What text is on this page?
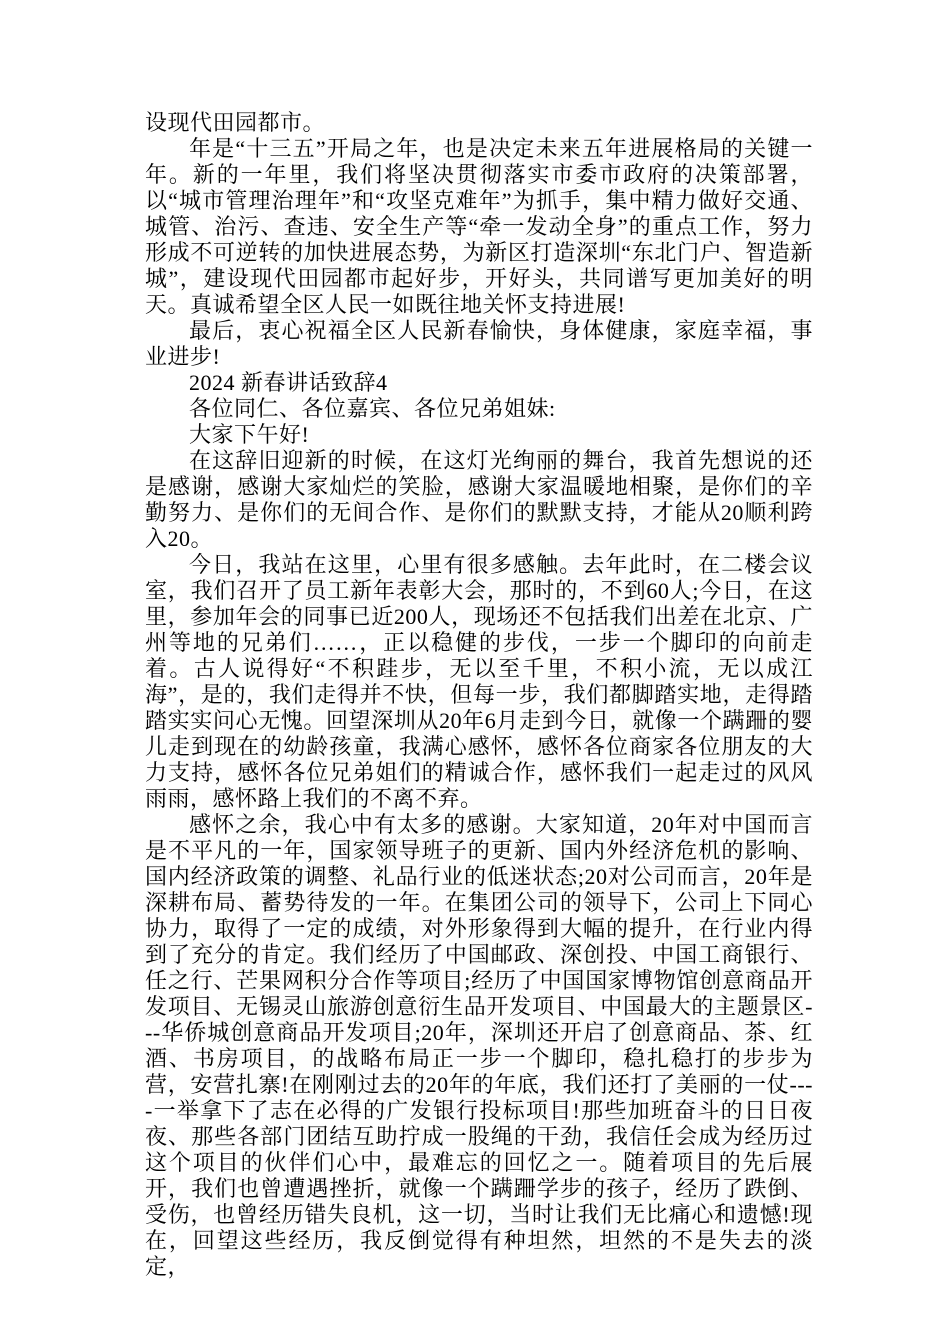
设现代田园都市。

年是“十三五”开局之年，也是决定未来五年进展格局的关键一年。新的一年里，我们将坚决贯彻落实市委市政府的决策部署，以“城市管理治理年”和“攻坚克难年”为抓手，集中精力做好交通、城管、治污、查违、安全生产等“牵一发动全身”的重点工作，努力形成不可逆转的加快进展态势，为新区打造深圳“东北门户、智造新城”，建设现代田园都市起好步，开好头，共同谱写更加美好的明天。真诚希望全区人民一如既往地关怀支持进展!

最后，衷心祝福全区人民新春愉快，身体健康，家庭幸福，事业进步!

2024 新春讲话致辞4

各位同仁、各位嘉宾、各位兄弟姐妹:

大家下午好!

在这辞旧迎新的时候，在这灯光绚丽的舞台，我首先想说的还是感谢，感谢大家灿烂的笑脸，感谢大家温暖地相聚，是你们的辛勤努力、是你们的无间合作、是你们的默默支持，才能从20顺利跨入20。

今日，我站在这里，心里有很多感触。去年此时，在二楼会议室，我们召开了员工新年表彰大会，那时的，不到60人;今日，在这里，参加年会的同事已近200人，现场还不包括我们出差在北京、广州等地的兄弟们……，正以稳健的步伐，一步一个脚印的向前走着。古人说得好“不积跬步，无以至千里，不积小流，无以成江海”，是的，我们走得并不快，但每一步，我们都脚踏实地，走得踏踏实实问心无愧。回望深圳从20年6月走到今日，就像一个蹒跚的婴儿走到现在的幼龄孩童，我满心感怀，感怀各位商家各位朋友的大力支持，感怀各位兄弟姐们的精诚合作，感怀我们一起走过的风风雨雨，感怀路上我们的不离不弃。

感怀之余，我心中有太多的感谢。大家知道，20年对中国而言是不平凡的一年，国家领导班子的更新、国内外经济危机的影响、国内经济政策的调整、礼品行业的低迷状态;20对公司而言，20年是深耕布局、蓄势待发的一年。在集团公司的领导下，公司上下同心协力，取得了一定的成绩，对外形象得到大幅的提升，在行业内得到了充分的肯定。我们经历了中国邮政、深创投、中国工商银行、任之行、芒果网积分合作等项目;经历了中国国家博物馆创意商品开发项目、无锡灵山旅游创意衍生品开发项目、中国最大的主题景区---华侨城创意商品开发项目;20年，深圳还开启了创意商品、茶、红酒、书房项目，的战略布局正一步一个脚印，稳扎稳打的步步为营，安营扎寨!在刚刚过去的20年的年底，我们还打了美丽的一仗----一举拿下了志在必得的广发银行投标项目!那些加班奋斗的日日夜夜、那些各部门团结互助拧成一股绳的干劲，我信任会成为经历过这个项目的伙伴们心中，最难忘的回忆之一。随着项目的先后展开，我们也曾遭遇挫折，就像一个蹒跚学步的孩子，经历了跌倒、受伤，也曾经历错失良机，这一切，当时让我们无比痛心和遗憾!现在，回望这些经历，我反倒觉得有种坦然，坦然的不是失去的淡定，
